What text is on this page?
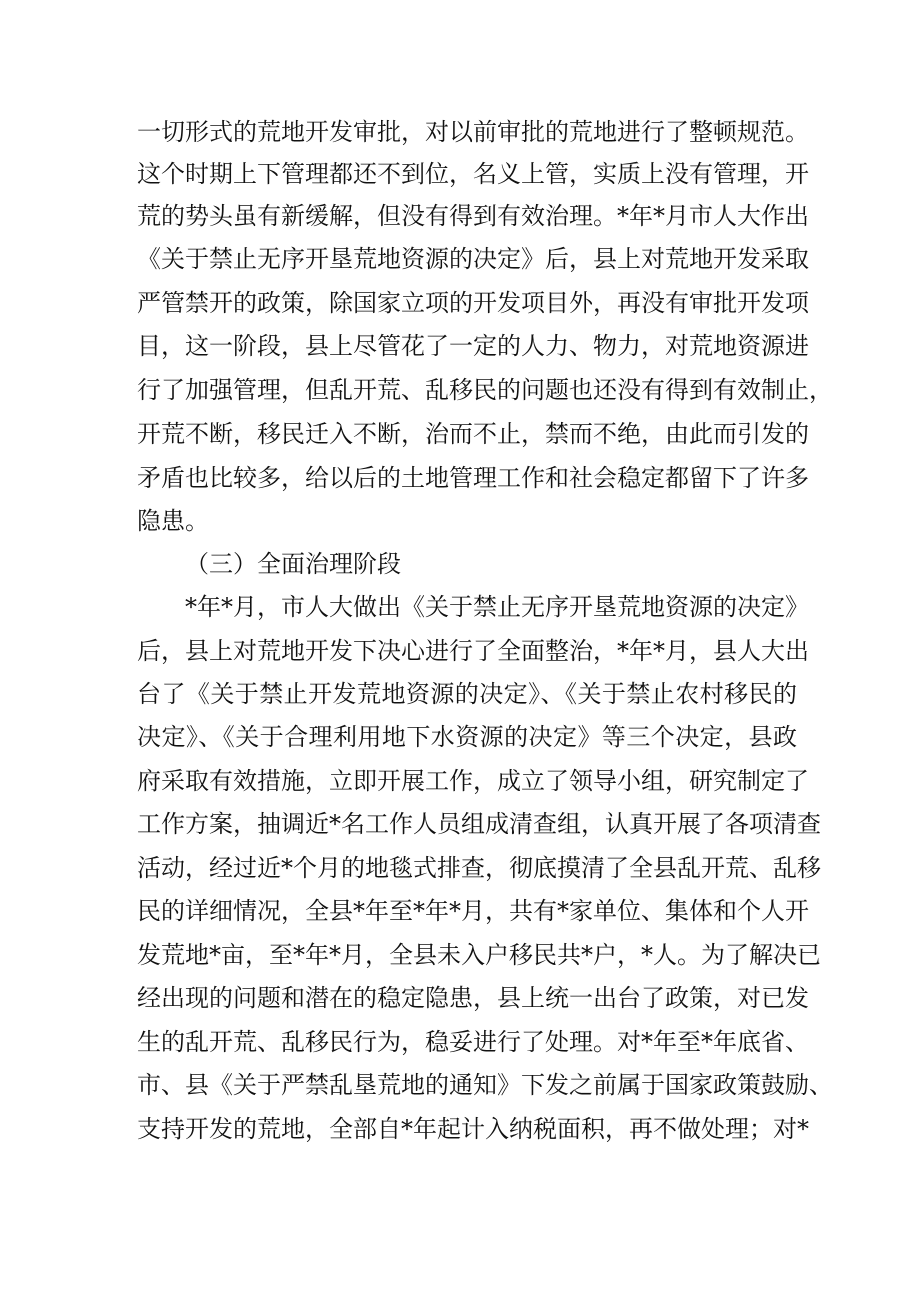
一切形式的荒地开发审批，对以前审批的荒地进行了整顿规范。
这个时期上下管理都还不到位，名义上管，实质上没有管理，开
荒的势头虽有新缓解，但没有得到有效治理。*年*月市人大作出
《关于禁止无序开垦荒地资源的决定》后，县上对荒地开发采取
严管禁开的政策，除国家立项的开发项目外，再没有审批开发项
目，这一阶段，县上尽管花了一定的人力、物力，对荒地资源进
行了加强管理，但乱开荒、乱移民的问题也还没有得到有效制止，
开荒不断，移民迁入不断，治而不止，禁而不绝，由此而引发的
矛盾也比较多，给以后的土地管理工作和社会稳定都留下了许多
隐患。
（三）全面治理阶段
*年*月，市人大做出《关于禁止无序开垦荒地资源的决定》
后，县上对荒地开发下决心进行了全面整治，*年*月，县人大出
台了《关于禁止开发荒地资源的决定》、《关于禁止农村移民的
决定》、《关于合理利用地下水资源的决定》等三个决定，县政
府采取有效措施，立即开展工作，成立了领导小组，研究制定了
工作方案，抽调近*名工作人员组成清查组，认真开展了各项清查
活动，经过近*个月的地毯式排查，彻底摸清了全县乱开荒、乱移
民的详细情况，全县*年至*年*月，共有*家单位、集体和个人开
发荒地*亩，至*年*月，全县未入户移民共*户，*人。为了解决已
经出现的问题和潜在的稳定隐患，县上统一出台了政策，对已发
生的乱开荒、乱移民行为，稳妥进行了处理。对*年至*年底省、
市、县《关于严禁乱垦荒地的通知》下发之前属于国家政策鼓励、
支持开发的荒地，全部自*年起计入纳税面积，再不做处理；对*
